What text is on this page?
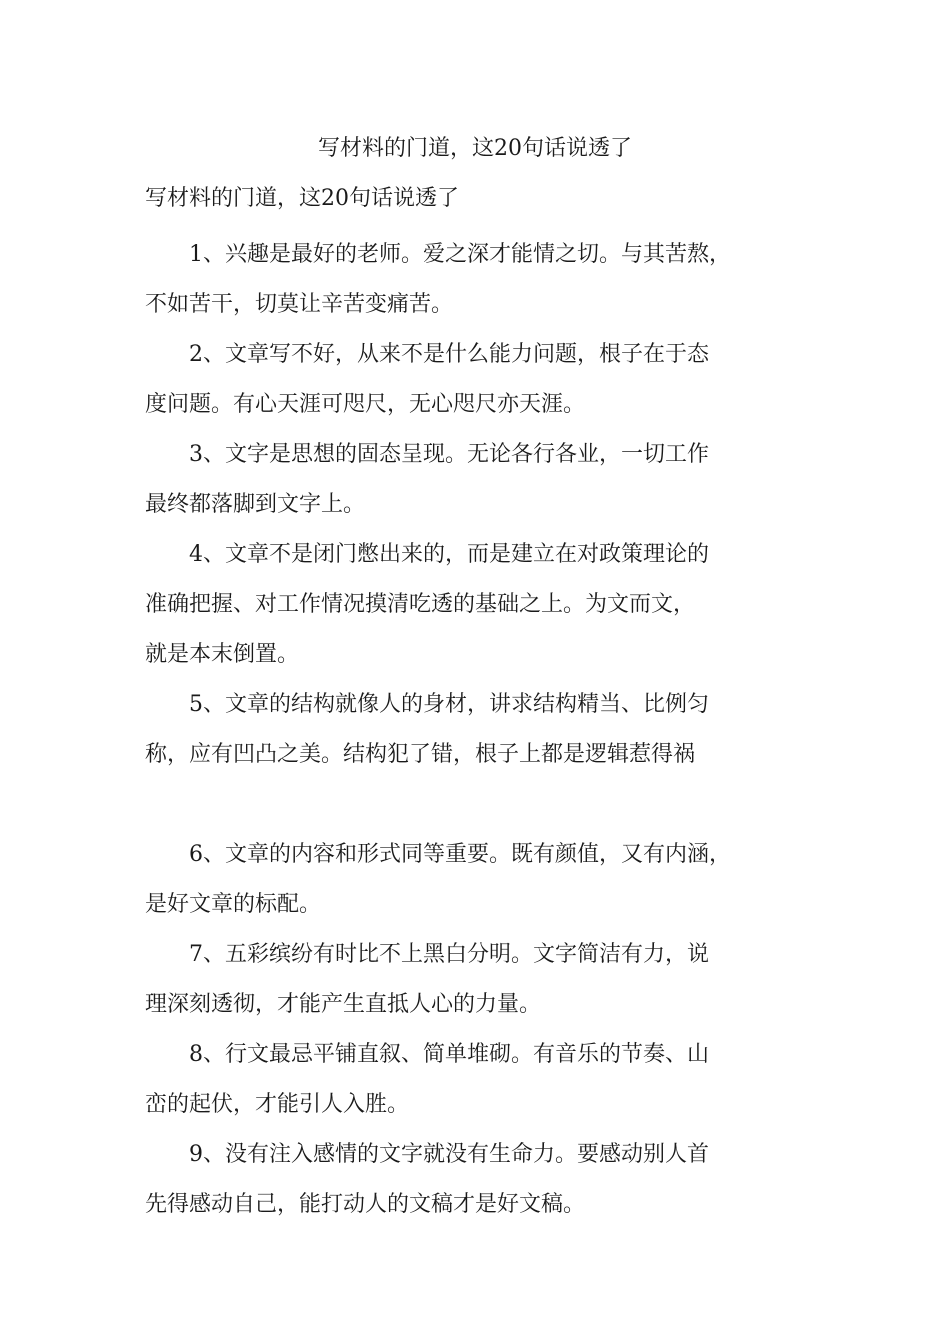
写材料的门道，这20句话说透了
写材料的门道，这20句话说透了

1、兴趣是最好的老师。爱之深才能情之切。与其苦熬，
不如苦干，切莫让辛苦变痛苦。

2、文章写不好，从来不是什么能力问题，根子在于态
度问题。有心天涯可咫尺，无心咫尺亦天涯。

3、文字是思想的固态呈现。无论各行各业，一切工作
最终都落脚到文字上。

4、文章不是闭门憋出来的，而是建立在对政策理论的
准确把握、对工作情况摸清吃透的基础之上。为文而文，
就是本末倒置。

5、文章的结构就像人的身材，讲求结构精当、比例匀
称，应有凹凸之美。结构犯了错，根子上都是逻辑惹得祸

6、文章的内容和形式同等重要。既有颜值，又有内涵，
是好文章的标配。

7、五彩缤纷有时比不上黑白分明。文字简洁有力，说
理深刻透彻，才能产生直抵人心的力量。

8、行文最忌平铺直叙、简单堆砌。有音乐的节奏、山
峦的起伏，才能引人入胜。

9、没有注入感情的文字就没有生命力。要感动别人首
先得感动自己，能打动人的文稿才是好文稿。
